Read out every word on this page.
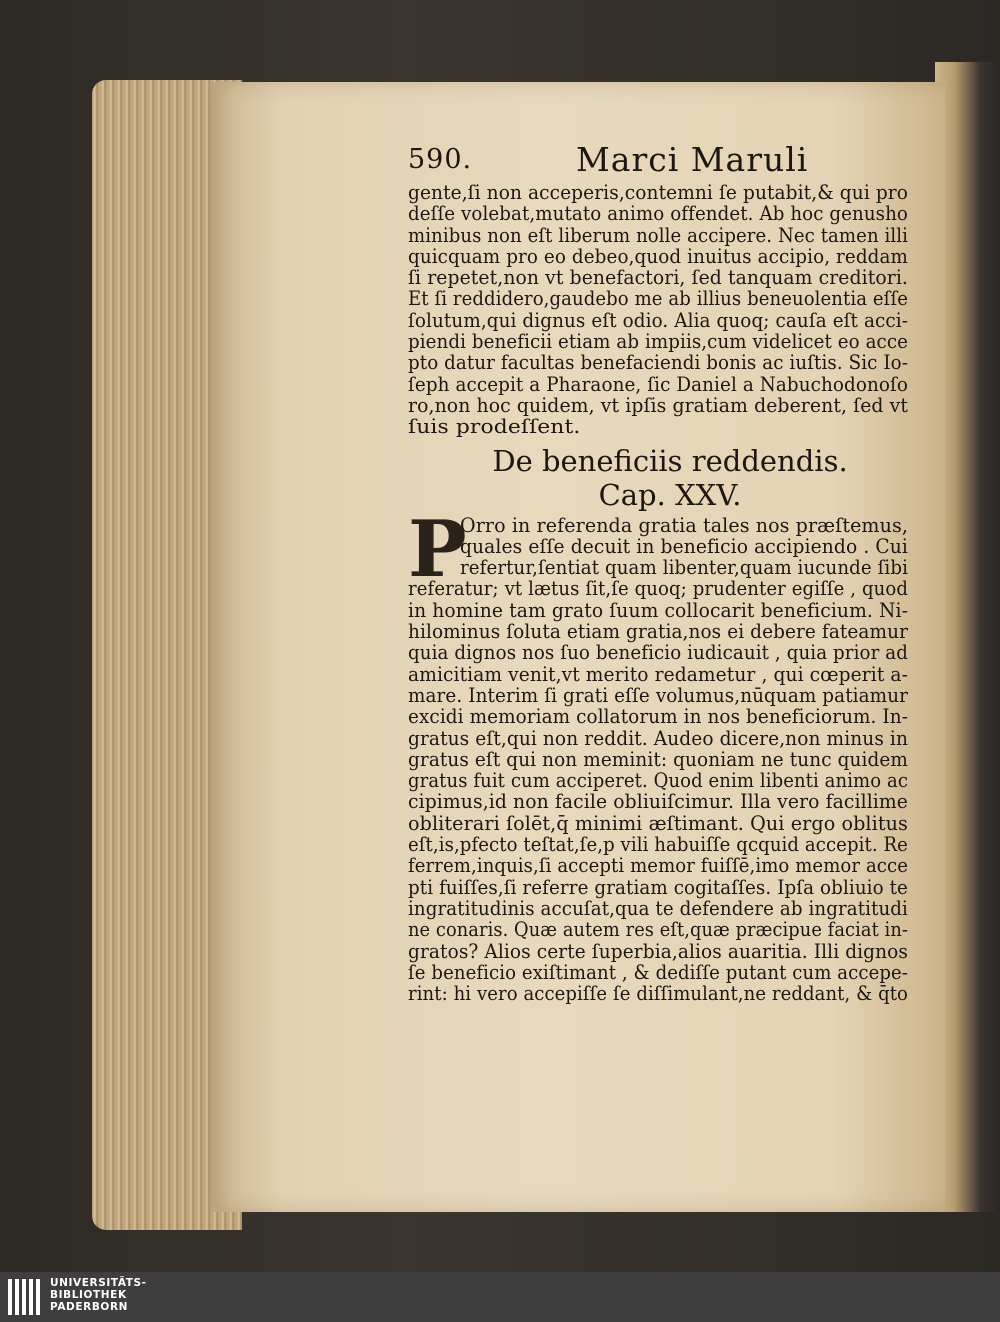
590.	Marci Maruli
gente,ſi non acceperis,contemni ſe putabit,& qui pro
deſſe volebat,mutato animo offendet. Ab hoc genusho
minibus non eſt liberum nolle accipere. Nec tamen illi
quicquam pro eo debeo,quod inuitus accipio, reddam
ſi repetet,non vt benefactori, ſed tanquam creditori.
Et ſi reddidero,gaudebo me ab illius beneuolentia eſſe
ſolutum,qui dignus eſt odio. Alia quoq; cauſa eſt acci-
piendi beneficii etiam ab impiis,cum videlicet eo acce
pto datur facultas benefaciendi bonis ac iuſtis. Sic Io-
ſeph accepit a Pharaone, ſic Daniel a Nabuchodonoſo
ro,non hoc quidem, vt ipſis gratiam deberent, ſed vt
ſuis prodeſſent.
De beneficiis reddendis.
Cap. XXV.
P
Orro in referenda gratia tales nos præſtemus,
quales eſſe decuit in beneficio accipiendo . Cui
refertur,ſentiat quam libenter,quam iucunde ſibi
referatur; vt lætus ſit,ſe quoq; prudenter egiſſe , quod
in homine tam grato ſuum collocarit beneficium. Ni-
hilominus ſoluta etiam gratia,nos ei debere fateamur
quia dignos nos ſuo beneficio iudicauit , quia prior ad
amicitiam venit,vt merito redametur , qui cœperit a-
mare. Interim ſi grati eſſe volumus,nūquam patiamur
excidi memoriam collatorum in nos beneficiorum. In-
gratus eſt,qui non reddit. Audeo dicere,non minus in
gratus eſt qui non meminit: quoniam ne tunc quidem
gratus fuit cum acciperet. Quod enim libenti animo ac
cipimus,id non facile obliuiſcimur. Illa vero facillime
obliterari ſolēt,q̄ minimi æſtimant. Qui ergo oblitus
eſt,is,pfecto teſtat,ſe,p vili habuiſſe qcquid accepit. Re
ferrem,inquis,ſi accepti memor fuiſſē,imo memor acce
pti fuiſſes,ſi referre gratiam cogitaſſes. Ipſa obliuio te
ingratitudinis accuſat,qua te defendere ab ingratitudi
ne conaris. Quæ autem res eſt,quæ præcipue faciat in-
gratos? Alios certe ſuperbia,alios auaritia. Illi dignos
ſe beneficio exiſtimant , & dediſſe putant cum accepe-
rint: hi vero accepiſſe ſe diſſimulant,ne reddant, & q̄to
UNIVERSITÄTS-
BIBLIOTHEK
PADERBORN
